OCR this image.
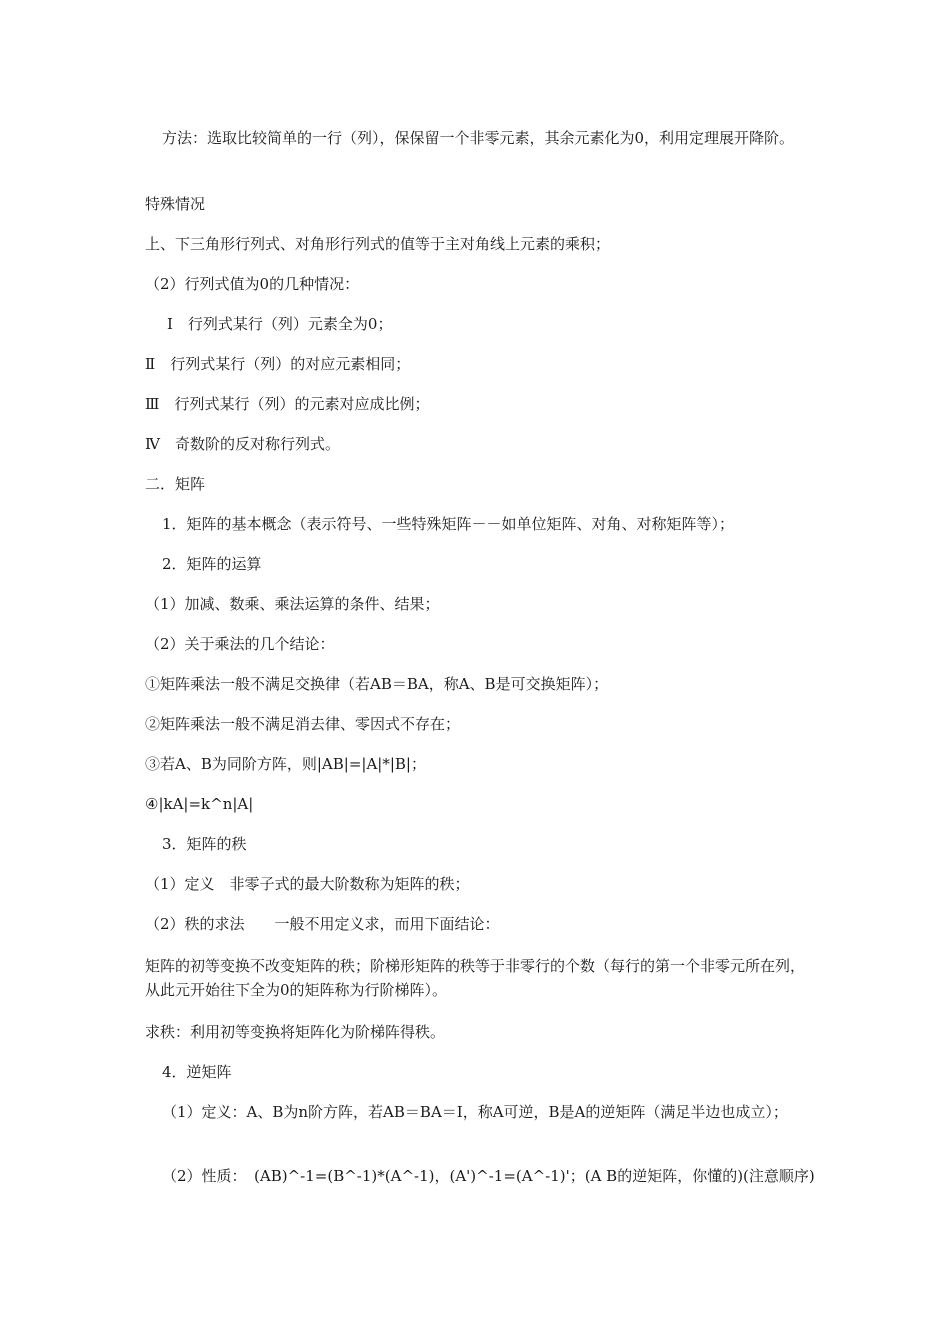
方法：选取比较简单的一行（列），保保留一个非零元素，其余元素化为0，利用定理展开降阶。
特殊情况
上、下三角形行列式、对角形行列式的值等于主对角线上元素的乘积；
（2）行列式值为0的几种情况：
Ⅰ　行列式某行（列）元素全为0；
Ⅱ　行列式某行（列）的对应元素相同；
Ⅲ　行列式某行（列）的元素对应成比例；
Ⅳ　奇数阶的反对称行列式。
二．矩阵
1．矩阵的基本概念（表示符号、一些特殊矩阵－－如单位矩阵、对角、对称矩阵等）；
2．矩阵的运算
（1）加减、数乘、乘法运算的条件、结果；
（2）关于乘法的几个结论：
①矩阵乘法一般不满足交换律（若AB＝BA，称A、B是可交换矩阵）；
②矩阵乘法一般不满足消去律、零因式不存在；
③若A、B为同阶方阵，则|AB|=|A|*|B|；
④|kA|=k^n|A|
3．矩阵的秩
（1）定义　非零子式的最大阶数称为矩阵的秩；
（2）秩的求法　　一般不用定义求，而用下面结论：
矩阵的初等变换不改变矩阵的秩；阶梯形矩阵的秩等于非零行的个数（每行的第一个非零元所在列，从此元开始往下全为0的矩阵称为行阶梯阵）。
求秩：利用初等变换将矩阵化为阶梯阵得秩。
4．逆矩阵
（1）定义：A、B为n阶方阵，若AB＝BA＝I，称A可逆，B是A的逆矩阵（满足半边也成立）；
（2）性质：　(AB)^-1=(B^-1)*(A^-1)，(A')^-1=(A^-1)'；(A B的逆矩阵，你懂的)(注意顺序)
